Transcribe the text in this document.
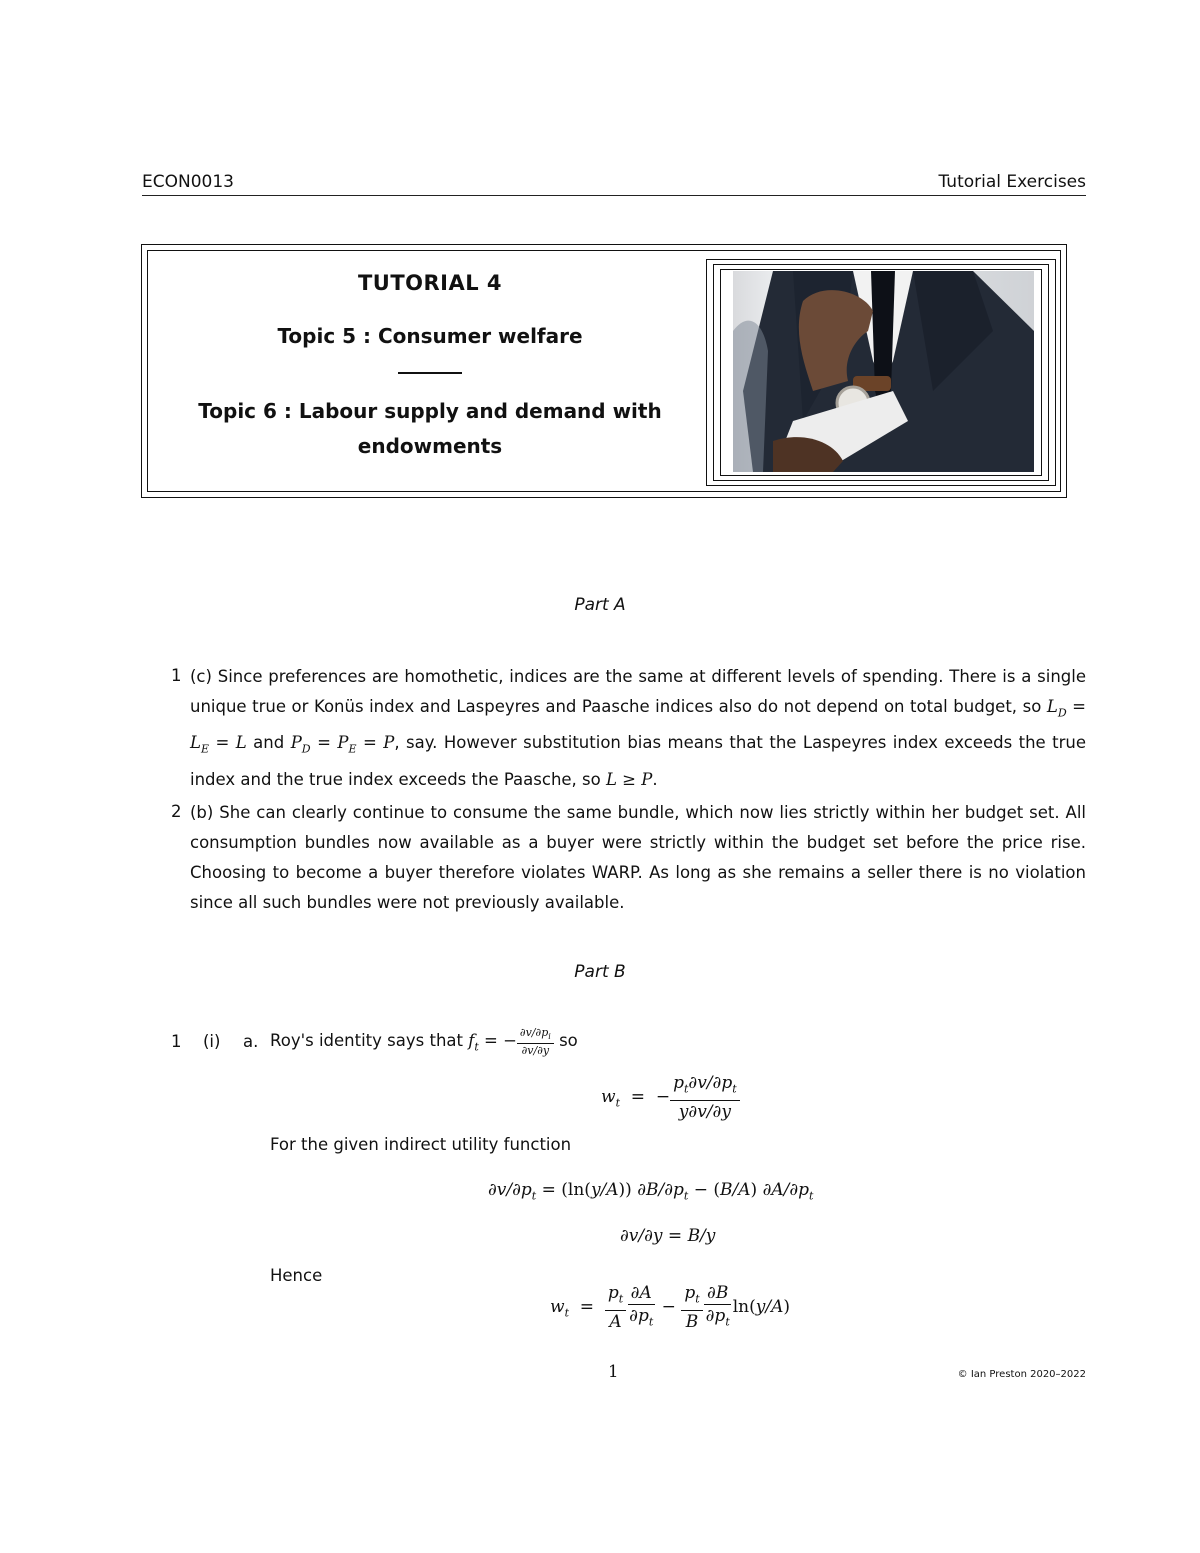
ECON0013	Tutorial Exercises
TUTORIAL 4
Topic 5 : Consumer welfare
Topic 6 : Labour supply and demand with endowments
Part A
1 (c) Since preferences are homothetic, indices are the same at different levels of spending. There is a single unique true or Konüs index and Laspeyres and Paasche indices also do not depend on total budget, so $L_D = L_E = L$ and $P_D = P_E = P$, say. However substitution bias means that the Laspeyres index exceeds the true index and the true index exceeds the Paasche, so L ≥ P.
2 (b) She can clearly continue to consume the same bundle, which now lies strictly within her budget set. All consumption bundles now available as a buyer were strictly within the budget set before the price rise. Choosing to become a buyer therefore violates WARP. As long as she remains a seller there is no violation since all such bundles were not previously available.
Part B
1 (i) a. Roy's identity says that $f_t$ = − $\frac{\partial v/\partial p_i}{\partial v/\partial y}$ so
$w_t$  =  − $\frac{p_t\partial v/\partial p_t}{y\partial v/\partial y}$
For the given indirect utility function
$\partial v/\partial p_t = (\ln(y/A)) \partial B/\partial p_t - (B/A)$ $\partial A/\partial p_t$
∂v/∂y = B/y
Hence
$w_t = \frac{p_t}{A} \frac{\partial A}{\partial p_t} - \frac{p_t}{B} \frac{\partial B}{\partial p_t} \ln(y/A)$
1	© Ian Preston 2020–2022
